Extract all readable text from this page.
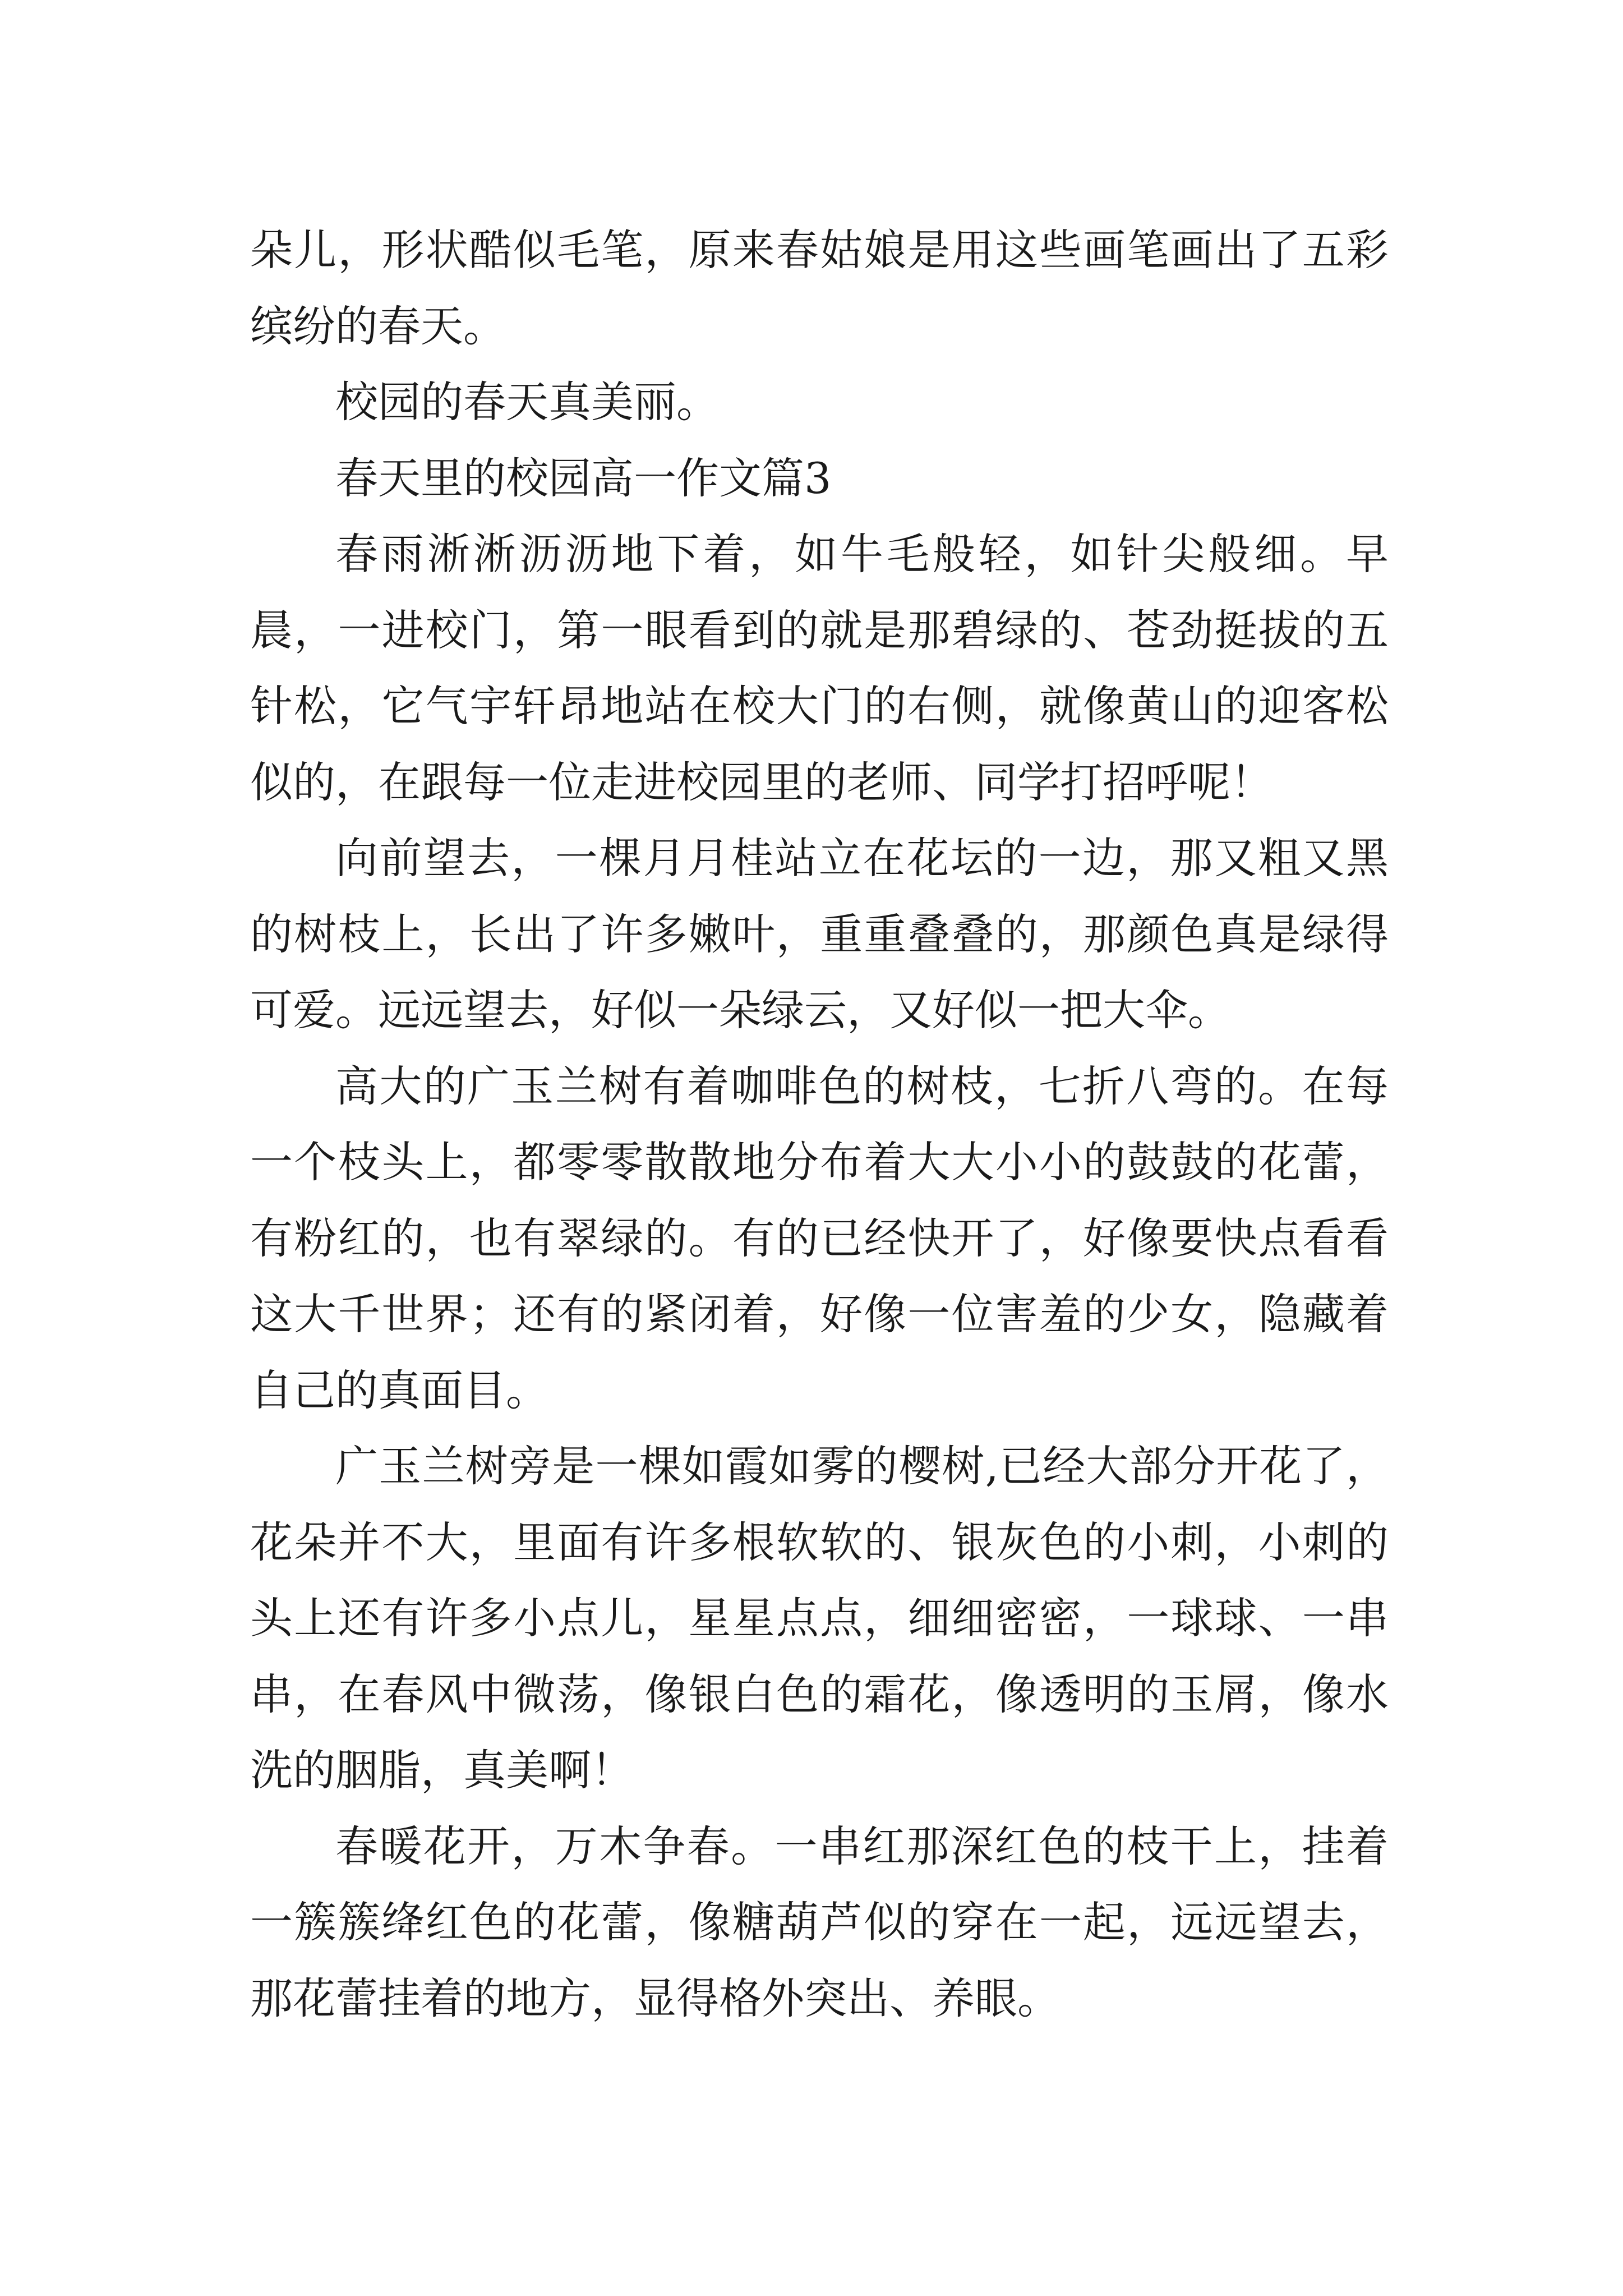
朵儿，形状酷似毛笔，原来春姑娘是用这些画笔画出了五彩缤纷的春天。

校园的春天真美丽。

春天里的校园高一作文篇3

春雨淅淅沥沥地下着，如牛毛般轻，如针尖般细。早晨，一进校门，第一眼看到的就是那碧绿的、苍劲挺拔的五针松，它气宇轩昂地站在校大门的右侧，就像黄山的迎客松似的，在跟每一位走进校园里的老师、同学打招呼呢！

向前望去，一棵月月桂站立在花坛的一边，那又粗又黑的树枝上，长出了许多嫩叶，重重叠叠的，那颜色真是绿得可爱。远远望去，好似一朵绿云，又好似一把大伞。

高大的广玉兰树有着咖啡色的树枝，七折八弯的。在每一个枝头上，都零零散散地分布着大大小小的鼓鼓的花蕾，有粉红的，也有翠绿的。有的已经快开了，好像要快点看看这大千世界；还有的紧闭着，好像一位害羞的少女，隐藏着自己的真面目。

广玉兰树旁是一棵如霞如雾的樱树,已经大部分开花了，花朵并不大，里面有许多根软软的、银灰色的小刺，小刺的头上还有许多小点儿，星星点点，细细密密，一球球、一串串，在春风中微荡，像银白色的霜花，像透明的玉屑，像水洗的胭脂，真美啊！

春暖花开，万木争春。一串红那深红色的枝干上，挂着一簇簇绛红色的花蕾，像糖葫芦似的穿在一起，远远望去，那花蕾挂着的地方，显得格外突出、养眼。
